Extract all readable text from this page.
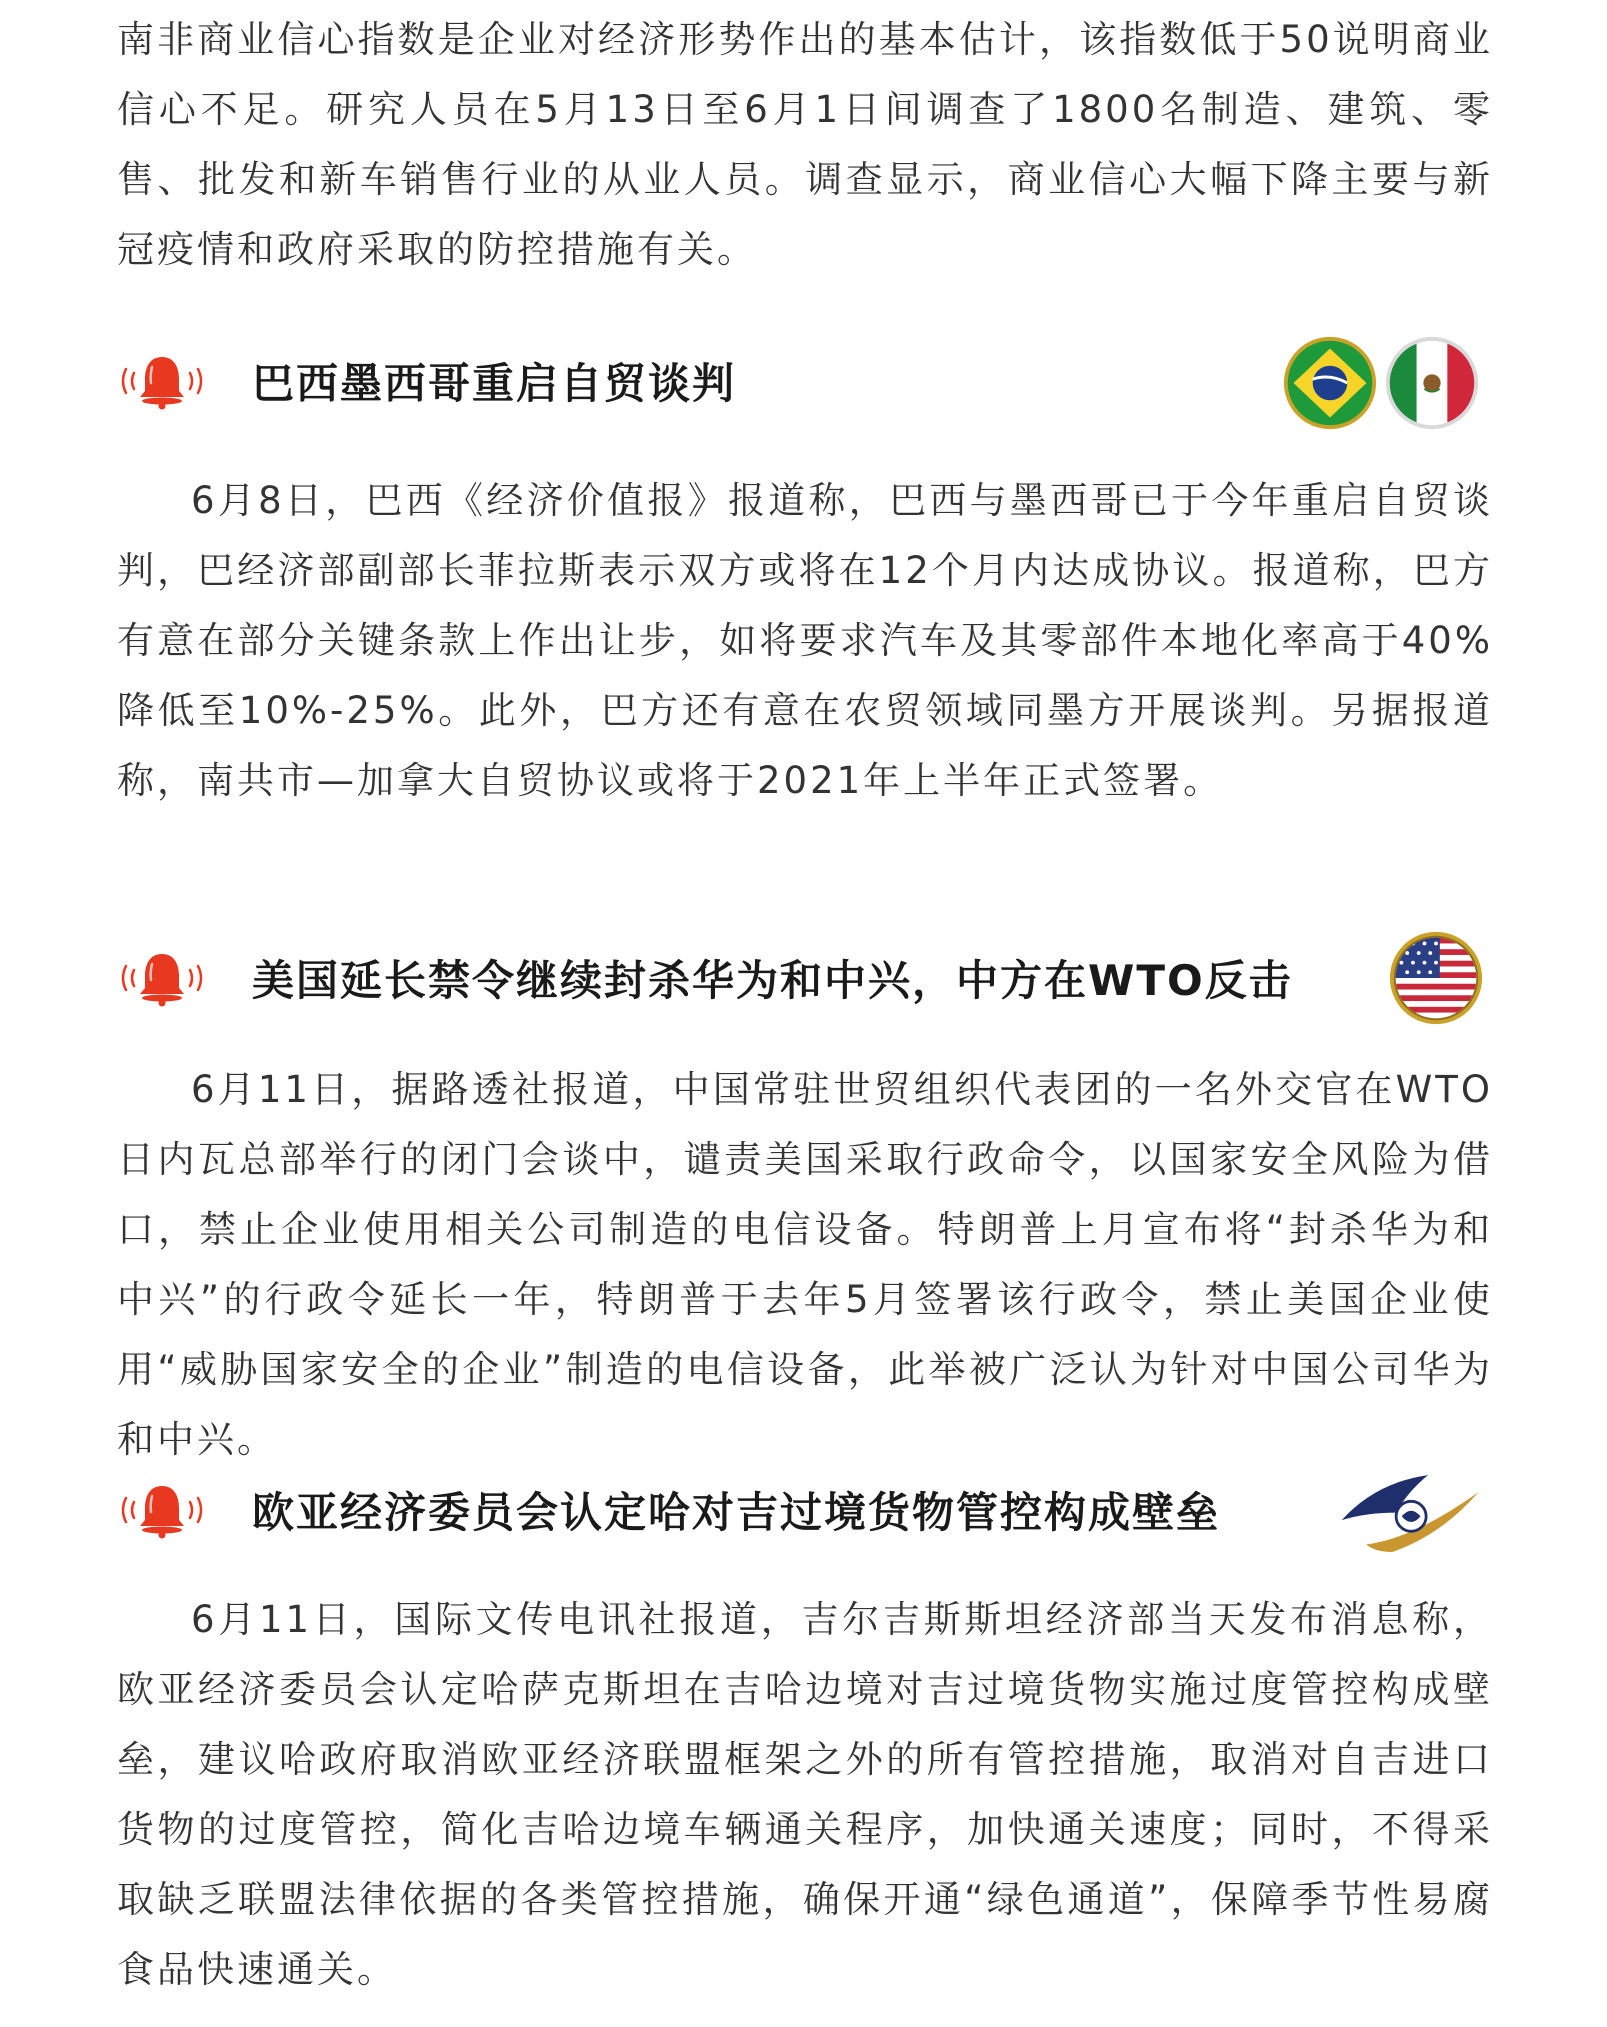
南非商业信心指数是企业对经济形势作出的基本估计，该指数低于50说明商业信心不足。研究人员在5月13日至6月1日间调查了1800名制造、建筑、零售、批发和新车销售行业的从业人员。调查显示，商业信心大幅下降主要与新冠疫情和政府采取的防控措施有关。

巴西墨西哥重启自贸谈判

6月8日，巴西《经济价值报》报道称，巴西与墨西哥已于今年重启自贸谈判，巴经济部副部长菲拉斯表示双方或将在12个月内达成协议。报道称，巴方有意在部分关键条款上作出让步，如将要求汽车及其零部件本地化率高于40%降低至10%-25%。此外，巴方还有意在农贸领域同墨方开展谈判。另据报道称，南共市—加拿大自贸协议或将于2021年上半年正式签署。

美国延长禁令继续封杀华为和中兴，中方在WTO反击

6月11日，据路透社报道，中国常驻世贸组织代表团的一名外交官在WTO日内瓦总部举行的闭门会谈中，谴责美国采取行政命令，以国家安全风险为借口，禁止企业使用相关公司制造的电信设备。特朗普上月宣布将“封杀华为和中兴”的行政令延长一年，特朗普于去年5月签署该行政令，禁止美国企业使用“威胁国家安全的企业”制造的电信设备，此举被广泛认为针对中国公司华为和中兴。

欧亚经济委员会认定哈对吉过境货物管控构成壁垒

6月11日，国际文传电讯社报道，吉尔吉斯斯坦经济部当天发布消息称，欧亚经济委员会认定哈萨克斯坦在吉哈边境对吉过境货物实施过度管控构成壁垒，建议哈政府取消欧亚经济联盟框架之外的所有管控措施，取消对自吉进口货物的过度管控，简化吉哈边境车辆通关程序，加快通关速度；同时，不得采取缺乏联盟法律依据的各类管控措施，确保开通“绿色通道”，保障季节性易腐食品快速通关。
